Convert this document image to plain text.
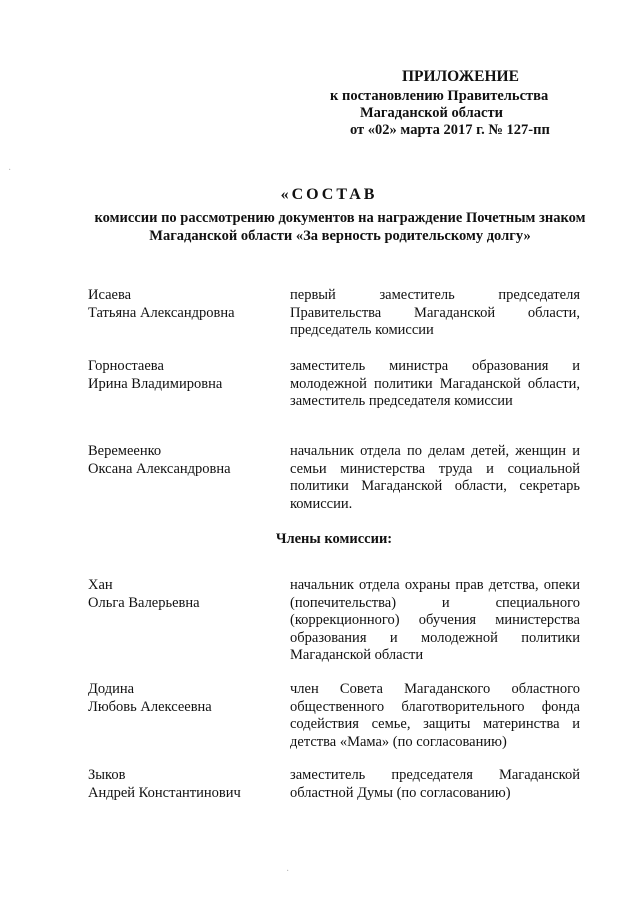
ПРИЛОЖЕНИЕ
к постановлению Правительства
Магаданской области
от «02» марта 2017 г. № 127-пп
«СОСТАВ
комиссии по рассмотрению документов на награждение Почетным знаком Магаданской области «За верность родительскому долгу»
Исаева
Татьяна Александровна
первый заместитель председателя Правительства Магаданской области, председатель комиссии
Горностаева
Ирина Владимировна
заместитель министра образования и молодежной политики Магаданской области, заместитель председателя комиссии
Веремеенко
Оксана Александровна
начальник отдела по делам детей, женщин и семьи министерства труда и социальной политики Магаданской области, секретарь комиссии.
Члены комиссии:
Хан
Ольга Валерьевна
начальник отдела охраны прав детства, опеки (попечительства) и специального (коррекционного) обучения министерства образования и молодежной политики Магаданской области
Додина
Любовь Алексеевна
член Совета Магаданского областного общественного благотворительного фонда содействия семье, защиты материнства и детства «Мама» (по согласованию)
Зыков
Андрей Константинович
заместитель председателя Магаданской областной Думы (по согласованию)
·
·
